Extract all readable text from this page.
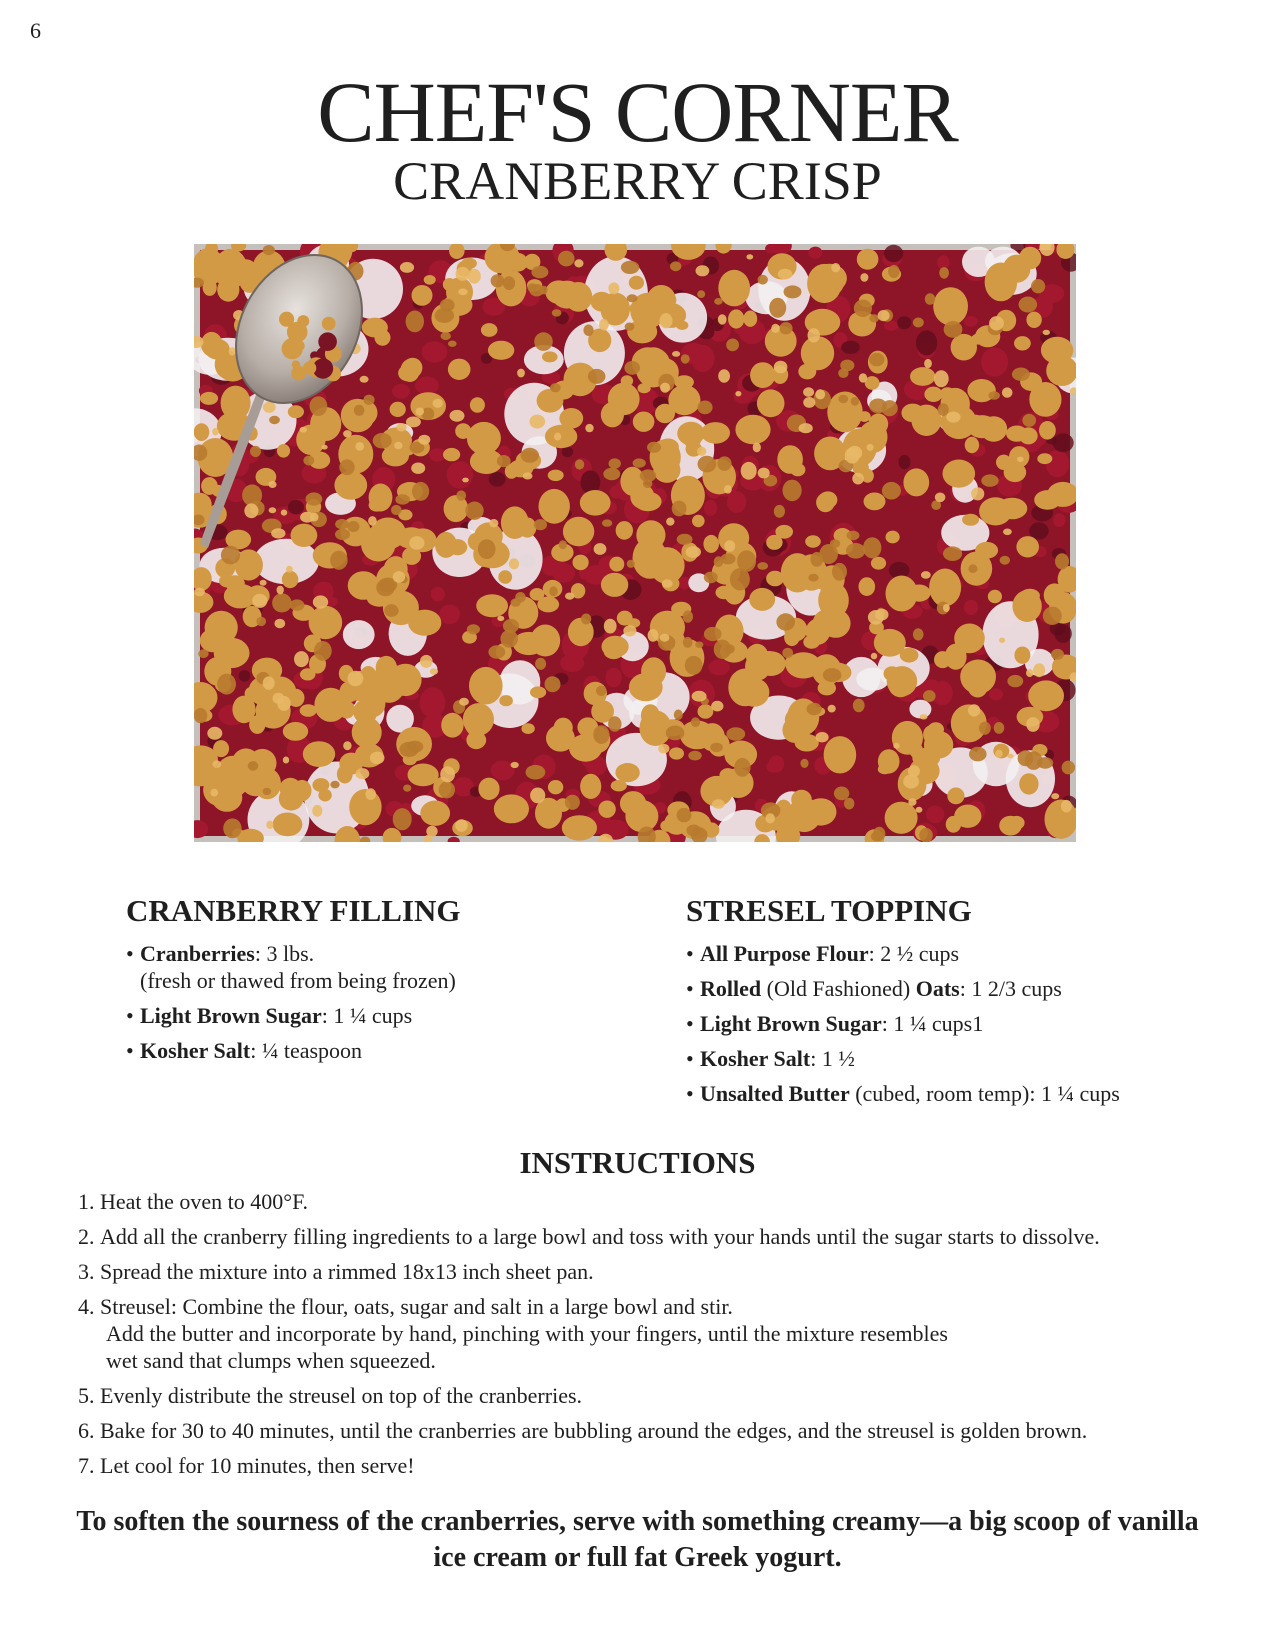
6
CHEF'S CORNER
CRANBERRY CRISP
CRANBERRY FILLING
• Cranberries: 3 lbs.
(fresh or thawed from being frozen)
• Light Brown Sugar: 1 ¼ cups
• Kosher Salt: ¼ teaspoon
STRESEL TOPPING
• All Purpose Flour: 2 ½ cups
• Rolled (Old Fashioned) Oats: 1 2/3 cups
• Light Brown Sugar: 1 ¼ cups1
• Kosher Salt: 1 ½
• Unsalted Butter (cubed, room temp): 1 ¼ cups
INSTRUCTIONS
1. Heat the oven to 400°F.
2. Add all the cranberry filling ingredients to a large bowl and toss with your hands until the sugar starts to dissolve.
3. Spread the mixture into a rimmed 18x13 inch sheet pan.
4. Streusel: Combine the flour, oats, sugar and salt in a large bowl and stir.
Add the butter and incorporate by hand, pinching with your fingers, until the mixture resembles
wet sand that clumps when squeezed.
5. Evenly distribute the streusel on top of the cranberries.
6. Bake for 30 to 40 minutes, until the cranberries are bubbling around the edges, and the streusel is golden brown.
7. Let cool for 10 minutes, then serve!

To soften the sourness of the cranberries, serve with something creamy—a big scoop of vanilla ice cream or full fat Greek yogurt.
